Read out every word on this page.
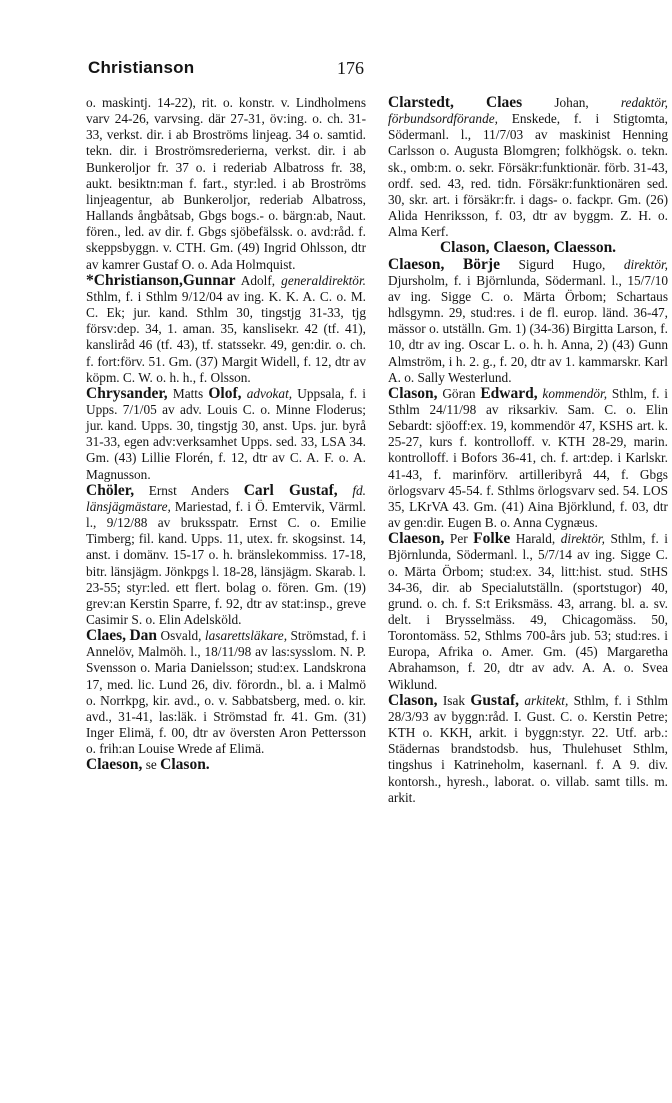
Christianson	176

o. maskintj. 14-22), rit. o. konstr. v. Lindholmens varv 24-26, varvsing. där 27-31, öv:ing. o. ch. 31-33, verkst. dir. i ab Broströms linjeag. 34 o. samtid. tekn. dir. i Broströmsrederierna, verkst. dir. i ab Bunkeroljor fr. 37 o. i rederiab Albatross fr. 38, aukt. besiktn:man f. fart., styr:led. i ab Broströms linjeagentur, ab Bunkeroljor, rederiab Albatross, Hallands ångbåtsab, Gbgs bogs.- o. bärgn:ab, Naut. fören., led. av dir. f. Gbgs sjöbefälssk. o. avd:råd. f. skeppsbyggn. v. CTH. Gm. (49) Ingrid Ohlsson, dtr av kamrer Gustaf O. o. Ada Holmquist.

*Christianson,Gunnar Adolf, generaldirektör. Sthlm, f. i Sthlm 9/12/04 av ing. K. K. A. C. o. M. C. Ek; jur. kand. Sthlm 30, tingstjg 31-33, tjg försv:dep. 34, 1. aman. 35, kanslisekr. 42 (tf. 41), kansliråd 46 (tf. 43), tf. statssekr. 49, gen:dir. o. ch. f. fort:förv. 51. Gm. (37) Margit Widell, f. 12, dtr av köpm. C. W. o. h. h., f. Olsson.

Chrysander, Matts Olof, advokat, Uppsala, f. i Upps. 7/1/05 av adv. Louis C. o. Minne Floderus; jur. kand. Upps. 30, tingstjg 30, anst. Ups. jur. byrå 31-33, egen adv:verksamhet Upps. sed. 33, LSA 34. Gm. (43) Lillie Florén, f. 12, dtr av C. A. F. o. A. Magnusson.

Chöler, Ernst Anders Carl Gustaf, fd. länsjägmästare, Mariestad, f. i Ö. Emtervik, Värml. l., 9/12/88 av bruksspatr. Ernst C. o. Emilie Timberg; fil. kand. Upps. 11, utex. fr. skogsinst. 14, anst. i domänv. 15-17 o. h. bränslekommiss. 17-18, bitr. länsjägm. Jönkpgs l. 18-28, länsjägm. Skarab. l. 23-55; styr:led. ett flert. bolag o. fören. Gm. (19) grev:an Kerstin Sparre, f. 92, dtr av stat:insp., greve Casimir S. o. Elin Adelsköld.

Claes, Dan Osvald, lasarettsläkare, Strömstad, f. i Annelöv, Malmöh. l., 18/11/98 av las:sysslom. N. P. Svensson o. Maria Danielsson; stud:ex. Landskrona 17, med. lic. Lund 26, div. förordn., bl. a. i Malmö o. Norrkpg, kir. avd., o. v. Sabbatsberg, med. o. kir. avd., 31-41, las:läk. i Strömstad fr. 41. Gm. (31) Inger Elimä, f. 00, dtr av översten Aron Pettersson o. frih:an Louise Wrede af Elimä.

Claeson, se Clason.

Clarstedt, Claes Johan, redaktör, förbundsordförande, Enskede, f. i Stigtomta, Södermanl. l., 11/7/03 av maskinist Henning Carlsson o. Augusta Blomgren; folkhögsk. o. tekn. sk., omb:m. o. sekr. Försäkr:funktionär. förb. 31-43, ordf. sed. 43, red. tidn. Försäkr:funktionären sed. 30, skr. art. i försäkr:fr. i dags- o. fackpr. Gm. (26) Alida Henriksson, f. 03, dtr av byggm. Z. H. o. Alma Kerf.

Clason, Claeson, Claesson.

Claeson, Börje Sigurd Hugo, direktör, Djursholm, f. i Björnlunda, Södermanl. l., 15/7/10 av ing. Sigge C. o. Märta Örbom; Schartaus hdlsgymn. 29, stud:res. i de fl. europ. länd. 36-47, mässor o. utställn. Gm. 1) (34-36) Birgitta Larson, f. 10, dtr av ing. Oscar L. o. h. h. Anna, 2) (43) Gunn Almström, i h. 2. g., f. 20, dtr av 1. kammarskr. Karl A. o. Sally Westerlund.

Clason, Göran Edward, kommendör, Sthlm, f. i Sthlm 24/11/98 av riksarkiv. Sam. C. o. Elin Sebardt: sjöoff:ex. 19, kommendör 47, KSHS art. k. 25-27, kurs f. kontrolloff. v. KTH 28-29, marin. kontrolloff. i Bofors 36-41, ch. f. art:dep. i Karlskr. 41-43, f. marinförv. artilleribyrå 44, f. Gbgs örlogsvarv 45-54. f. Sthlms örlogsvarv sed. 54. LOS 35, LKrVA 43. Gm. (41) Aina Björklund, f. 03, dtr av gen:dir. Eugen B. o. Anna Cygnæus.

Claeson, Per Folke Harald, direktör, Sthlm, f. i Björnlunda, Södermanl. l., 5/7/14 av ing. Sigge C. o. Märta Örbom; stud:ex. 34, litt:hist. stud. StHS 34-36, dir. ab Specialutställn. (sportstugor) 40, grund. o. ch. f. S:t Eriksmäss. 43, arrang. bl. a. sv. delt. i Brysselmäss. 49, Chicagomäss. 50, Torontomäss. 52, Sthlms 700-års jub. 53; stud:res. i Europa, Afrika o. Amer. Gm. (45) Margaretha Abrahamson, f. 20, dtr av adv. A. A. o. Svea Wiklund.

Clason, Isak Gustaf, arkitekt, Sthlm, f. i Sthlm 28/3/93 av byggn:råd. I. Gust. C. o. Kerstin Petre; KTH o. KKH, arkit. i byggn:styr. 22. Utf. arb.: Städernas brandstodsb. hus, Thulehuset Sthlm, tingshus i Katrineholm, kasernanl. f. A 9. div. kontorsh., hyresh., laborat. o. villab. samt tills. m. arkit.
